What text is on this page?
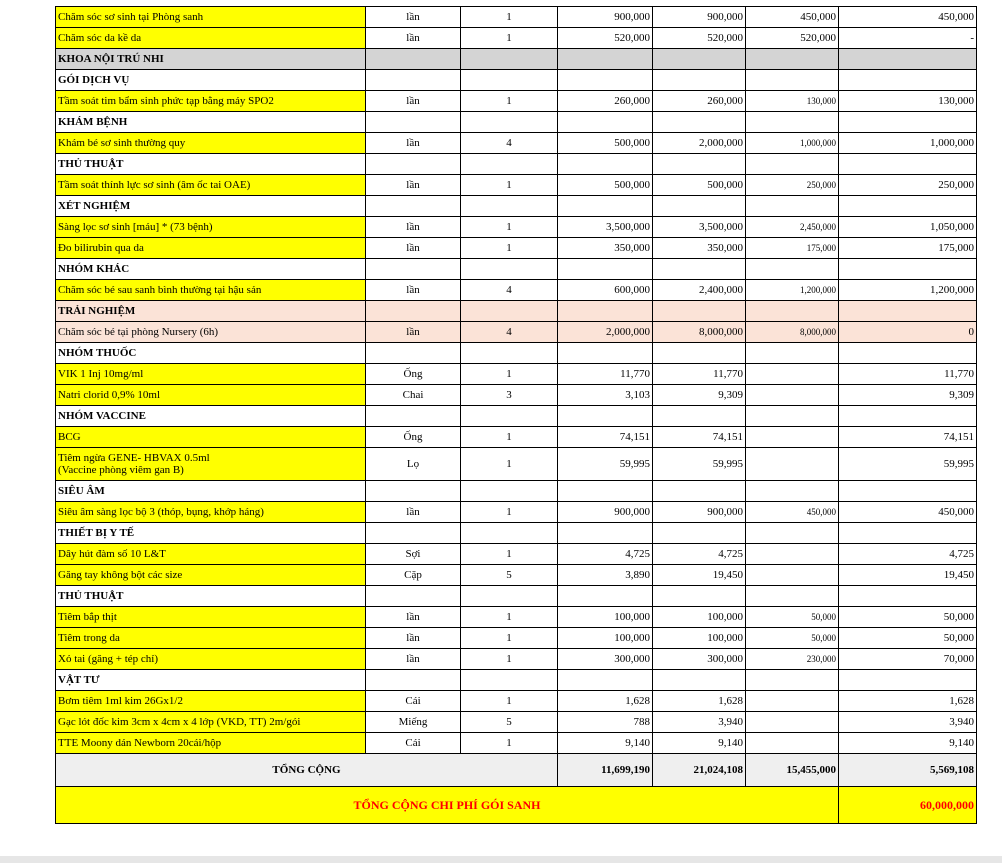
Chăm sóc sơ sinh tại Phòng sanh	lần	1	900,000	900,000	450,000	450,000
Chăm sóc da kề da	lần	1	520,000	520,000	520,000	-
KHOA NỘI TRÚ NHI						
GÓI DỊCH VỤ						
Tầm soát tim bẩm sinh phức tạp bằng máy SPO2	lần	1	260,000	260,000	130,000	130,000
KHÁM BỆNH						
Khám bé sơ sinh thường quy	lần	4	500,000	2,000,000	1,000,000	1,000,000
THỦ THUẬT						
Tầm soát thính lực sơ sinh (âm ốc tai OAE)	lần	1	500,000	500,000	250,000	250,000
XÉT NGHIỆM						
Sàng lọc sơ sinh [máu] * (73 bệnh)	lần	1	3,500,000	3,500,000	2,450,000	1,050,000
Đo bilirubin qua da	lần	1	350,000	350,000	175,000	175,000
NHÓM KHÁC						
Chăm sóc bé sau sanh bình thường tại hậu sản	lần	4	600,000	2,400,000	1,200,000	1,200,000
TRẢI NGHIỆM						
Chăm sóc bé tại phòng Nursery (6h)	lần	4	2,000,000	8,000,000	8,000,000	0
NHÓM THUỐC						
VIK 1 Inj 10mg/ml	Ống	1	11,770	11,770		11,770
Natri clorid 0,9% 10ml	Chai	3	3,103	9,309		9,309
NHÓM VACCINE						
BCG	Ống	1	74,151	74,151		74,151

Tiêm ngừa GENE- HBVAX 0.5ml
(Vaccine phòng viêm gan B)	Lọ	1	59,995	59,995		59,995
SIÊU ÂM						
Siêu âm sàng lọc bộ 3 (thóp, bụng, khớp háng)	lần	1	900,000	900,000	450,000	450,000
THIẾT BỊ Y TẾ						
Dây hút đàm số 10 L&T	Sợi	1	4,725	4,725		4,725
Găng tay không bột các size	Cặp	5	3,890	19,450		19,450
THỦ THUẬT						
Tiêm bắp thịt	lần	1	100,000	100,000	50,000	50,000
Tiêm trong da	lần	1	100,000	100,000	50,000	50,000
Xỏ tai (găng + tép chỉ)	lần	1	300,000	300,000	230,000	70,000
VẬT TƯ						
Bơm tiêm 1ml kim 26Gx1/2	Cái	1	1,628	1,628		1,628
Gạc lót đốc kim 3cm x 4cm x 4 lớp (VKD, TT) 2m/gói	Miếng	5	788	3,940		3,940
TTE Moony dán Newborn 20cái/hộp	Cái	1	9,140	9,140		9,140
TỔNG CỘNG			11,699,190	21,024,108	15,455,000	5,569,108
TỔNG CỘNG CHI PHÍ GÓI SANH						60,000,000
